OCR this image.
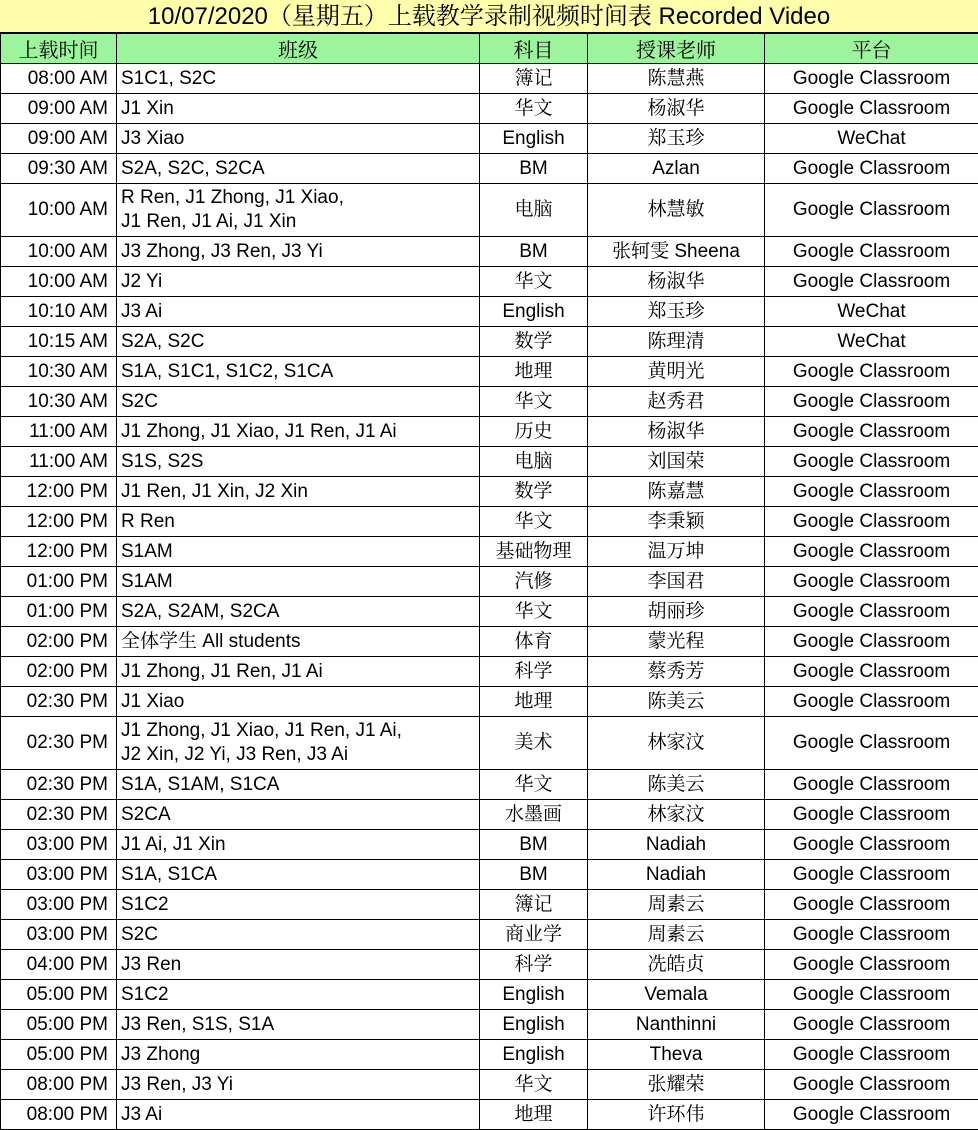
10/07/2020（星期五）上载教学录制视频时间表 Recorded Video
上载时间	班级	科目	授课老师	平台
08:00 AM	S1C1, S2C	簿记	陈慧燕	Google Classroom
09:00 AM	J1 Xin	华文	杨淑华	Google Classroom
09:00 AM	J3 Xiao	English	郑玉珍	WeChat
09:30 AM	S2A, S2C, S2CA	BM	Azlan	Google Classroom
10:00 AM	R Ren, J1 Zhong, J1 Xiao,
J1 Ren, J1 Ai, J1 Xin	电脑	林慧敏	Google Classroom
10:00 AM	J3 Zhong, J3 Ren, J3 Yi	BM	张轲雯 Sheena	Google Classroom
10:00 AM	J2 Yi	华文	杨淑华	Google Classroom
10:10 AM	J3 Ai	English	郑玉珍	WeChat
10:15 AM	S2A, S2C	数学	陈理清	WeChat
10:30 AM	S1A, S1C1, S1C2, S1CA	地理	黄明光	Google Classroom
10:30 AM	S2C	华文	赵秀君	Google Classroom
11:00 AM	J1 Zhong, J1 Xiao, J1 Ren, J1 Ai	历史	杨淑华	Google Classroom
11:00 AM	S1S, S2S	电脑	刘国荣	Google Classroom
12:00 PM	J1 Ren, J1 Xin, J2 Xin	数学	陈嘉慧	Google Classroom
12:00 PM	R Ren	华文	李秉颖	Google Classroom
12:00 PM	S1AM	基础物理	温万坤	Google Classroom
01:00 PM	S1AM	汽修	李国君	Google Classroom
01:00 PM	S2A, S2AM, S2CA	华文	胡丽珍	Google Classroom
02:00 PM	全体学生 All students	体育	蒙光程	Google Classroom
02:00 PM	J1 Zhong, J1 Ren, J1 Ai	科学	蔡秀芳	Google Classroom
02:30 PM	J1 Xiao	地理	陈美云	Google Classroom
02:30 PM	J1 Zhong, J1 Xiao, J1 Ren, J1 Ai,
J2 Xin, J2 Yi, J3 Ren, J3 Ai	美术	林家汶	Google Classroom
02:30 PM	S1A, S1AM, S1CA	华文	陈美云	Google Classroom
02:30 PM	S2CA	水墨画	林家汶	Google Classroom
03:00 PM	J1 Ai, J1 Xin	BM	Nadiah	Google Classroom
03:00 PM	S1A, S1CA	BM	Nadiah	Google Classroom
03:00 PM	S1C2	簿记	周素云	Google Classroom
03:00 PM	S2C	商业学	周素云	Google Classroom
04:00 PM	J3 Ren	科学	冼皓贞	Google Classroom
05:00 PM	S1C2	English	Vemala	Google Classroom
05:00 PM	J3 Ren, S1S, S1A	English	Nanthinni	Google Classroom
05:00 PM	J3 Zhong	English	Theva	Google Classroom
08:00 PM	J3 Ren, J3 Yi	华文	张耀荣	Google Classroom
08:00 PM	J3 Ai	地理	许环伟	Google Classroom
